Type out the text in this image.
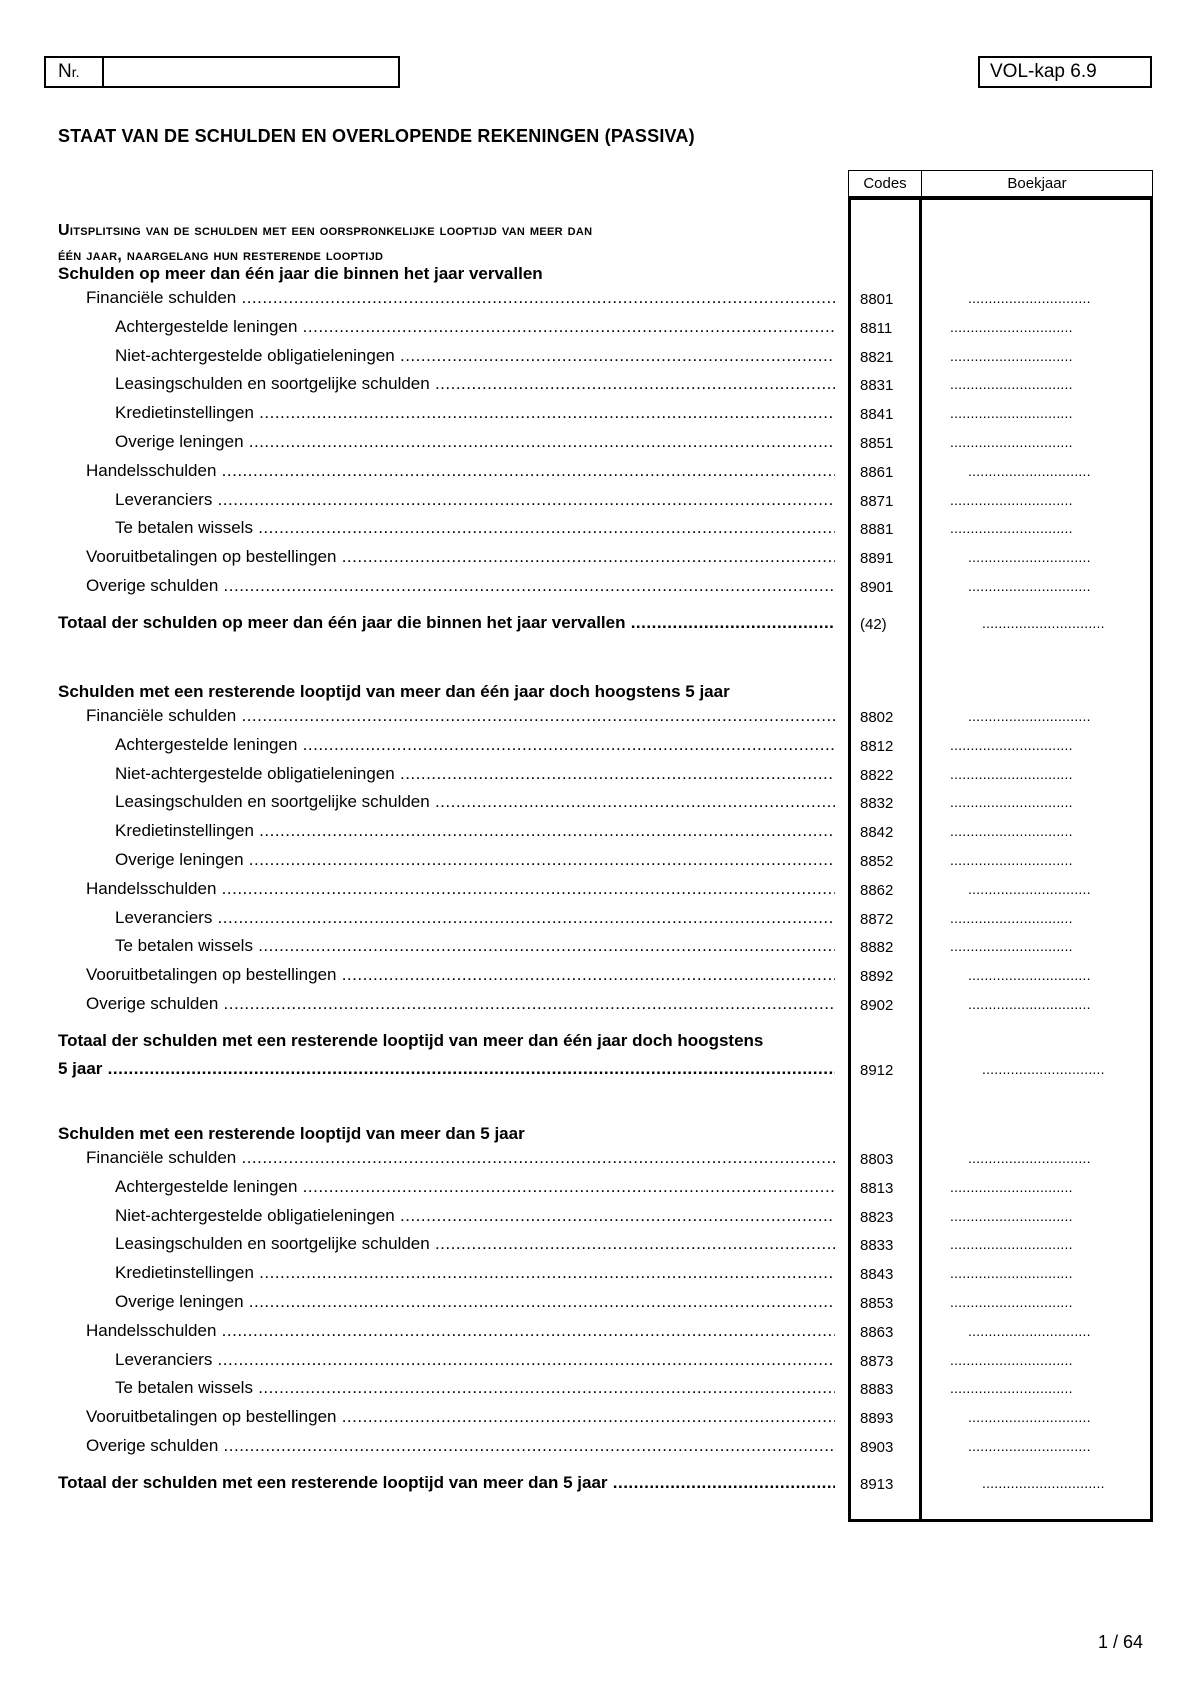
Nr.	VOL-kap 6.9
STAAT VAN DE SCHULDEN EN OVERLOPENDE REKENINGEN (PASSIVA)
Codes	Boekjaar
Uitsplitsing van de schulden met een oorspronkelijke looptijd van meer dan
één jaar, naargelang hun resterende looptijd
Schulden op meer dan één jaar die binnen het jaar vervallen
Financiële schulden .....	8801	..............................
Achtergestelde leningen .....	8811	..............................
Niet-achtergestelde obligatieleningen .....	8821	..............................
Leasingschulden en soortgelijke schulden .....	8831	..............................
Kredietinstellingen .....	8841	..............................
Overige leningen .....	8851	..............................
Handelsschulden .....	8861	..............................
Leveranciers .....	8871	..............................
Te betalen wissels .....	8881	..............................
Vooruitbetalingen op bestellingen .....	8891	..............................
Overige schulden .....	8901	..............................
Totaal der schulden op meer dan één jaar die binnen het jaar vervallen .....	(42)	..............................
Schulden met een resterende looptijd van meer dan één jaar doch hoogstens 5 jaar
Financiële schulden .....	8802	..............................
Achtergestelde leningen .....	8812	..............................
Niet-achtergestelde obligatieleningen .....	8822	..............................
Leasingschulden en soortgelijke schulden .....	8832	..............................
Kredietinstellingen .....	8842	..............................
Overige leningen .....	8852	..............................
Handelsschulden .....	8862	..............................
Leveranciers .....	8872	..............................
Te betalen wissels .....	8882	..............................
Vooruitbetalingen op bestellingen .....	8892	..............................
Overige schulden .....	8902	..............................
Totaal der schulden met een resterende looptijd van meer dan één jaar doch hoogstens
5 jaar .....	8912	..............................
Schulden met een resterende looptijd van meer dan 5 jaar
Financiële schulden .....	8803	..............................
Achtergestelde leningen .....	8813	..............................
Niet-achtergestelde obligatieleningen .....	8823	..............................
Leasingschulden en soortgelijke schulden .....	8833	..............................
Kredietinstellingen .....	8843	..............................
Overige leningen .....	8853	..............................
Handelsschulden .....	8863	..............................
Leveranciers .....	8873	..............................
Te betalen wissels .....	8883	..............................
Vooruitbetalingen op bestellingen .....	8893	..............................
Overige schulden .....	8903	..............................
Totaal der schulden met een resterende looptijd van meer dan 5 jaar .....	8913	..............................
1 / 64
